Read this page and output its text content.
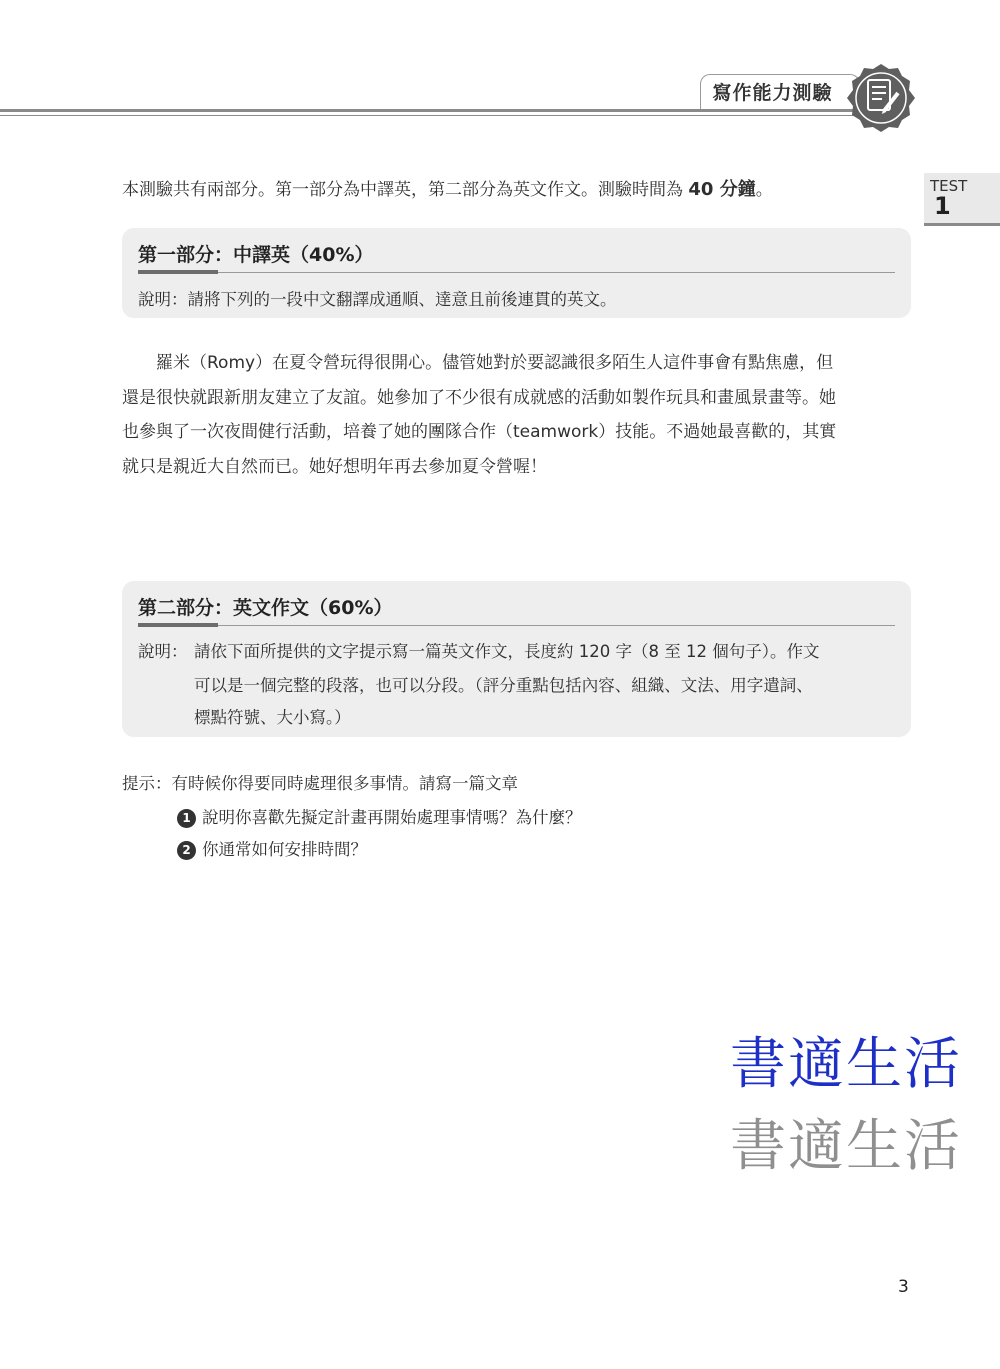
寫作能力測驗
TEST
1
本測驗共有兩部分。第一部分為中譯英，第二部分為英文作文。測驗時間為 40 分鐘。
第一部分：中譯英（40%）
說明：請將下列的一段中文翻譯成通順、達意且前後連貫的英文。
　　羅米（Romy）在夏令營玩得很開心。儘管她對於要認識很多陌生人這件事會有點焦慮，但
還是很快就跟新朋友建立了友誼。她參加了不少很有成就感的活動如製作玩具和畫風景畫等。她
也參與了一次夜間健行活動，培養了她的團隊合作（teamwork）技能。不過她最喜歡的，其實
就只是親近大自然而已。她好想明年再去參加夏令營喔！
第二部分：英文作文（60%）
說明： 請依下面所提供的文字提示寫一篇英文作文，長度約 120 字（8 至 12 個句子）。作文
可以是一個完整的段落，也可以分段。（評分重點包括內容、組織、文法、用字遣詞、
標點符號、大小寫。）
提示：有時候你得要同時處理很多事情。請寫一篇文章
1 說明你喜歡先擬定計畫再開始處理事情嗎？為什麼？
2 你通常如何安排時間？
書適生活
書適生活
3
